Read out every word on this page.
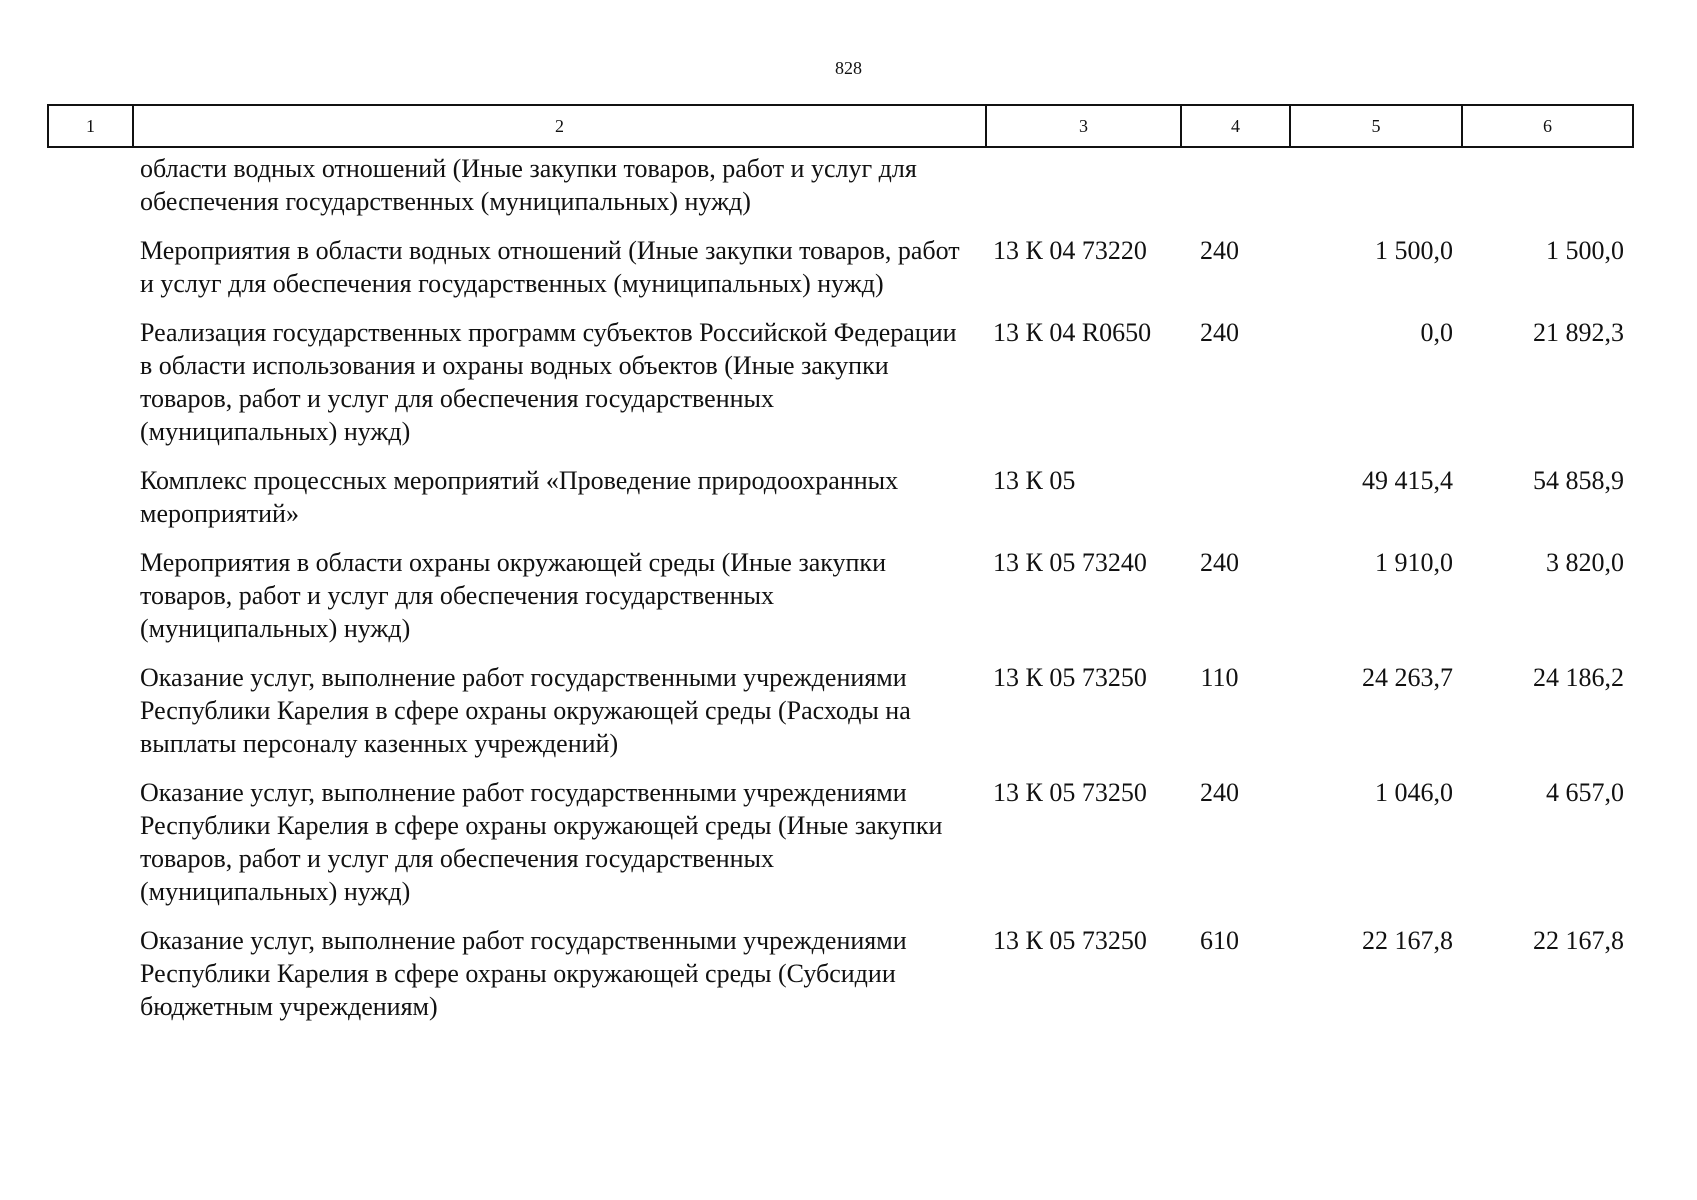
828
1	2	3	4	5	6
области водных отношений (Иные закупки товаров, работ и услуг для обеспечения государственных (муниципальных) нужд)				
Мероприятия в области водных отношений (Иные закупки товаров, работ и услуг для обеспечения государственных (муниципальных) нужд)	13 К 04 73220	240	1 500,0	1 500,0
Реализация государственных программ субъектов Российской Федерации в области использования и охраны водных объектов (Иные закупки товаров, работ и услуг для обеспечения государственных (муниципальных) нужд)	13 К 04 R0650	240	0,0	21 892,3
Комплекс процессных мероприятий «Проведение природоохранных мероприятий»	13 К 05		49 415,4	54 858,9
Мероприятия в области охраны окружающей среды (Иные закупки товаров, работ и услуг для обеспечения государственных (муниципальных) нужд)	13 К 05 73240	240	1 910,0	3 820,0
Оказание услуг, выполнение работ государственными учреждениями Республики Карелия в сфере охраны окружающей среды (Расходы на выплаты персоналу казенных учреждений)	13 К 05 73250	110	24 263,7	24 186,2
Оказание услуг, выполнение работ государственными учреждениями Республики Карелия в сфере охраны окружающей среды (Иные закупки товаров, работ и услуг для обеспечения государственных (муниципальных) нужд)	13 К 05 73250	240	1 046,0	4 657,0
Оказание услуг, выполнение работ государственными учреждениями Республики Карелия в сфере охраны окружающей среды (Субсидии бюджетным учреждениям)	13 К 05 73250	610	22 167,8	22 167,8
